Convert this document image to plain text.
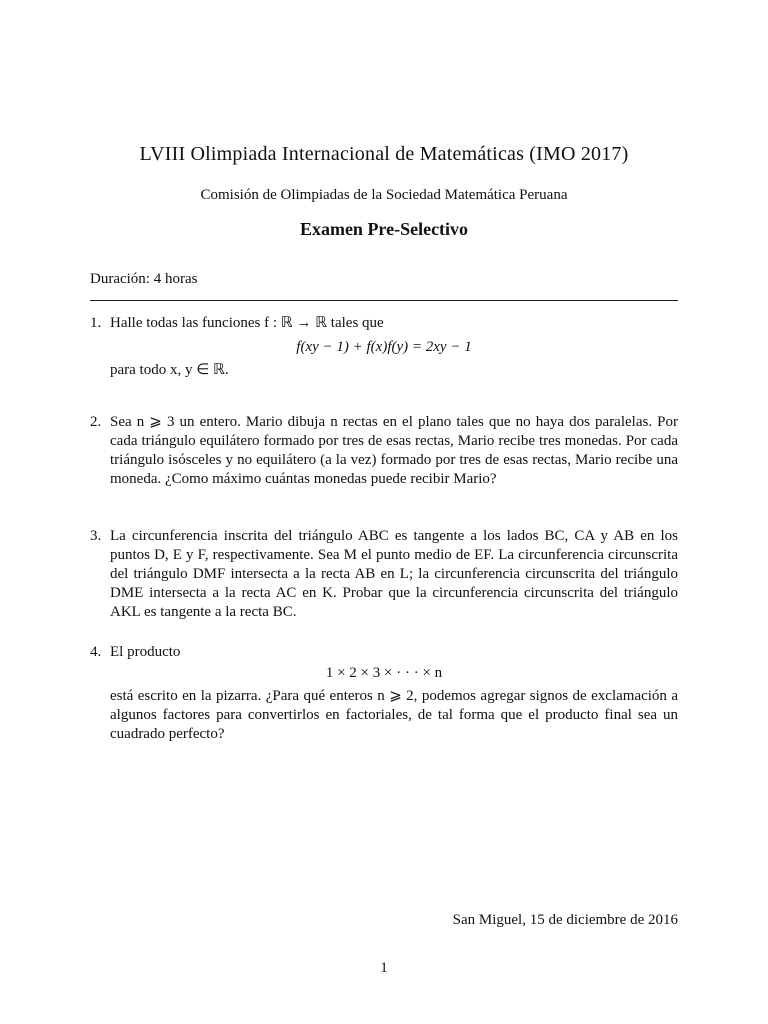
LVIII Olimpiada Internacional de Matemáticas (IMO 2017)
Comisión de Olimpiadas de la Sociedad Matemática Peruana
Examen Pre-Selectivo
Duración: 4 horas
1. Halle todas las funciones f : ℝ → ℝ tales que

f(xy − 1) + f(x)f(y) = 2xy − 1

para todo x, y ∈ ℝ.

2. Sea n ⩾ 3 un entero. Mario dibuja n rectas en el plano tales que no haya dos paralelas. Por cada triángulo equilátero formado por tres de esas rectas, Mario recibe tres monedas. Por cada triángulo isósceles y no equilátero (a la vez) formado por tres de esas rectas, Mario recibe una moneda. ¿Como máximo cuántas monedas puede recibir Mario?

3. La circunferencia inscrita del triángulo ABC es tangente a los lados BC, CA y AB en los puntos D, E y F, respectivamente. Sea M el punto medio de EF. La circunferencia circunscrita del triángulo DMF intersecta a la recta AB en L; la circunferencia circunscrita del triángulo DME intersecta a la recta AC en K. Probar que la circunferencia circunscrita del triángulo AKL es tangente a la recta BC.

4. El producto

1 × 2 × 3 × · · · × n

está escrito en la pizarra. ¿Para qué enteros n ⩾ 2, podemos agregar signos de exclamación a algunos factores para convertirlos en factoriales, de tal forma que el producto final sea un cuadrado perfecto?

San Miguel, 15 de diciembre de 2016
1
